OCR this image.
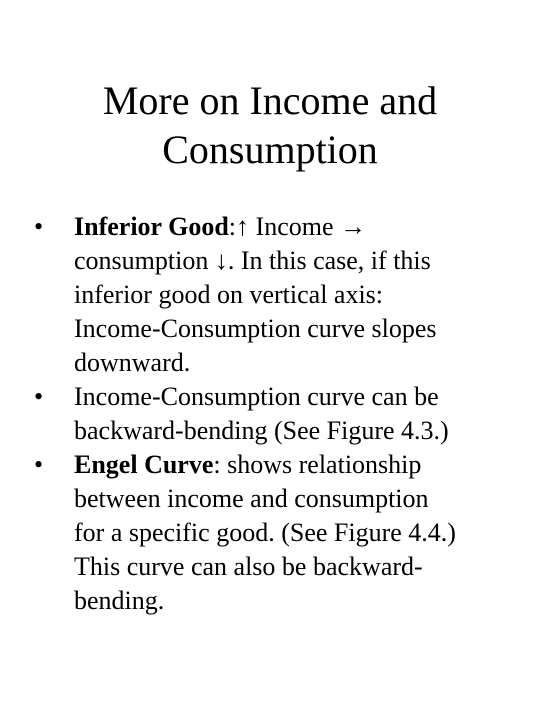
More on Income and
Consumption
• Inferior Good:↑ Income →
consumption ↓. In this case, if this
inferior good on vertical axis:
Income-Consumption curve slopes
downward.
• Income-Consumption curve can be
backward-bending (See Figure 4.3.)
• Engel Curve: shows relationship
between income and consumption
for a specific good. (See Figure 4.4.)
This curve can also be backward-
bending.
